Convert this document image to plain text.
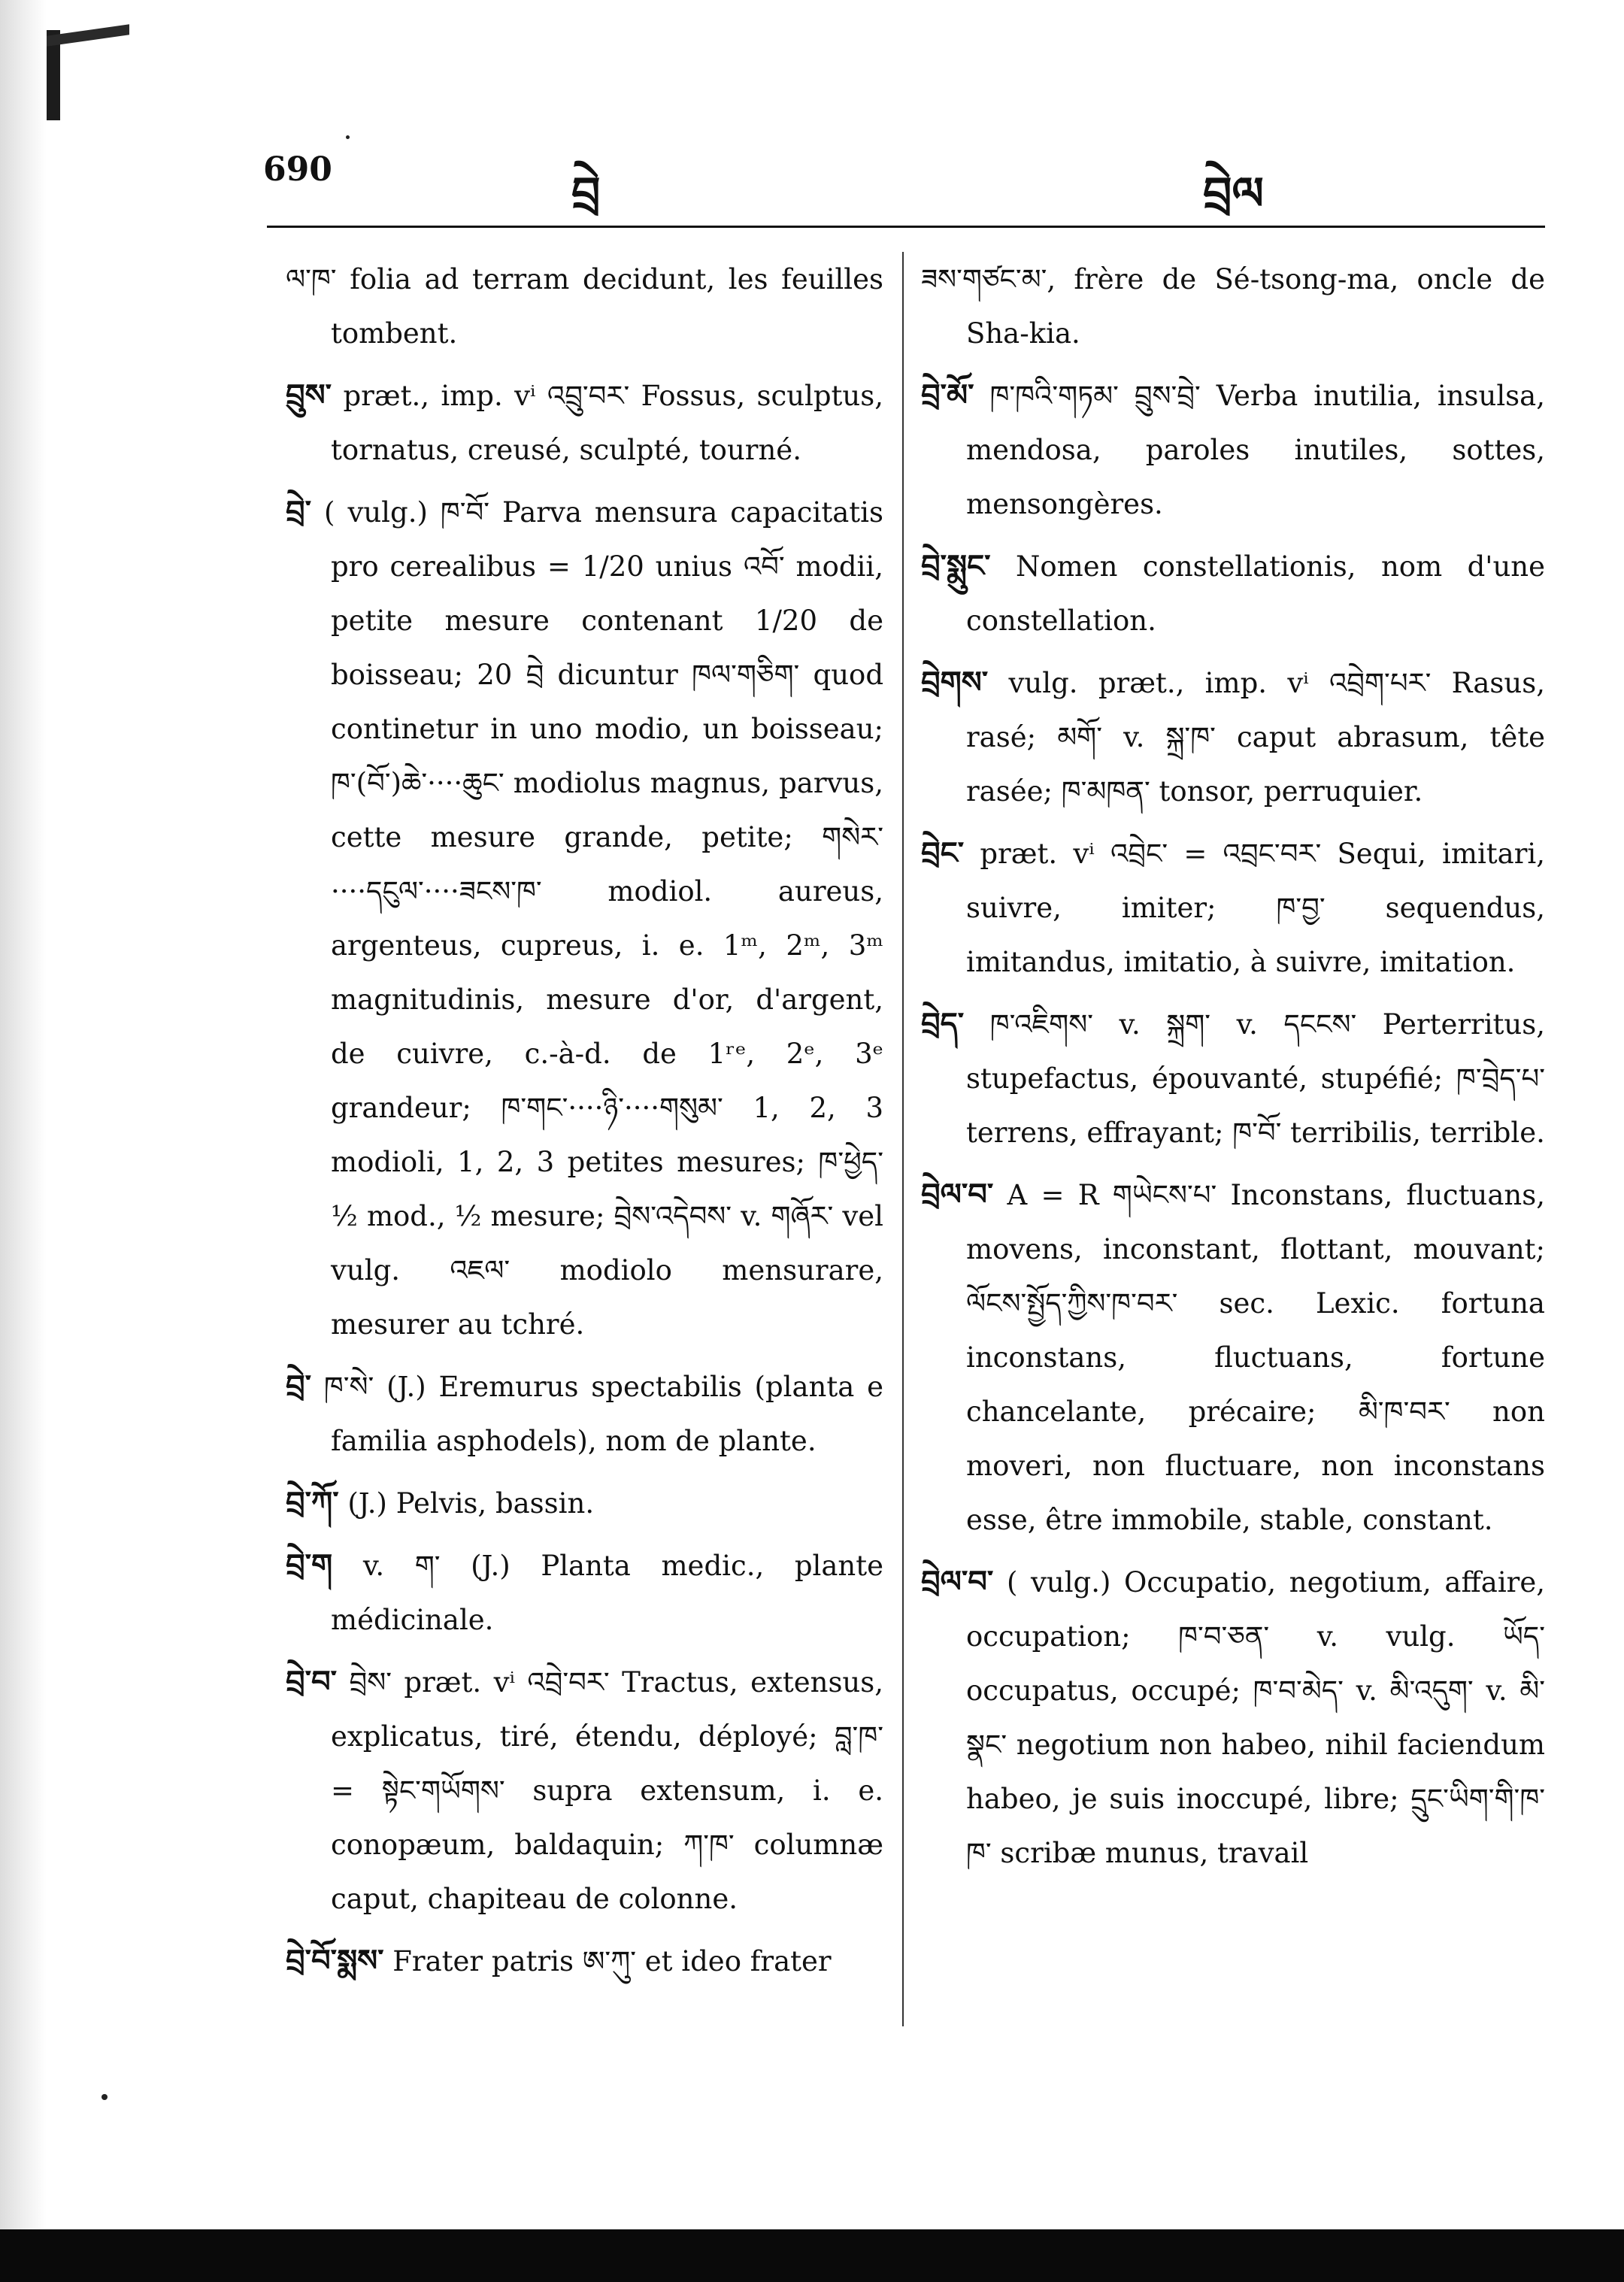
690	བྲེ	བྲེལ

ལ་ཁ་ folia ad terram decidunt, les feuilles tombent.

བྲུས་ præt., imp. vⁱ འབྲུ་བར་ Fossus, sculptus, tornatus, creusé, sculpté, tourné.

བྲེ་ ( vulg.) ཁ་བོ་ Parva mensura capacitatis pro cerealibus = 1/20 unius འབོ་ modii, petite mesure contenant 1/20 de boisseau; 20 བྲེ dicuntur ཁལ་གཅིག་ quod continetur in uno modio, un boisseau; ཁ་(བོ་)ཆེ་····ཆུང་ modiolus magnus, parvus, cette mesure grande, petite; གསེར་····དངུལ་····ཟངས་ཁ་ modiol. aureus, argenteus, cupreus, i. e. 1ᵐ, 2ᵐ, 3ᵐ magnitudinis, mesure d'or, d'argent, de cuivre, c.-à-d. de 1ʳᵉ, 2ᵉ, 3ᵉ grandeur; ཁ་གང་····ཉི་····གསུམ་ 1, 2, 3 modioli, 1, 2, 3 petites mesures; ཁ་ཕྱེད་ ½ mod., ½ mesure; བྲེས་འདེབས་ v. གཞོར་ vel vulg. འཇལ་ modiolo mensurare, mesurer au tchré.

བྲེ་ ཁ་སེ་ (J.) Eremurus spectabilis (planta e familia asphodels), nom de plante.

བྲེ་ཀོ་ (J.) Pelvis, bassin.

བྲེ་ག v. ག་ (J.) Planta medic., plante médicinale.

བྲེ་བ་ བྲེས་ præt. vⁱ འབྲེ་བར་ Tractus, extensus, explicatus, tiré, étendu, déployé; བླ་ཁ་ = སྟེང་གཡོགས་ supra extensum, i. e. conopæum, baldaquin; ཀ་ཁ་ columnæ caput, chapiteau de colonne.

བྲེ་བོ་སྨས་ Frater patris ཨ་ཀུ་ et ideo frater

ཟས་གཙང་མ་, frère de Sé-tsong-ma, oncle de Sha-kia.

བྲེ་མོ་ ཁ་ཁའི་གཏམ་ བྲུས་བྲེ་ Verba inutilia, insulsa, mendosa, paroles inutiles, sottes, mensongères.

བྲེ་སྨུང་ Nomen constellationis, nom d'une constellation.

བྲེགས་ vulg. præt., imp. vⁱ འབྲེག་པར་ Rasus, rasé; མགོ་ v. སྐྲ་ཁ་ caput abrasum, tête rasée; ཁ་མཁན་ tonsor, perruquier.

བྲེང་ præt. vⁱ འབྲེང་ = འབྲང་བར་ Sequi, imitari, suivre, imiter; ཁ་བྱ་ sequendus, imitandus, imitatio, à suivre, imitation.

བྲེད་ ཁ་འཇིགས་ v. སྐྲག་ v. དངངས་ Perterritus, stupefactus, épouvanté, stupéfié; ཁ་བྲེད་པ་ terrens, effrayant; ཁ་བོ་ terribilis, terrible.

བྲེལ་བ་ A = R གཡེངས་པ་ Inconstans, fluctuans, movens, inconstant, flottant, mouvant; ལོངས་སྤྱོད་ཀྱིས་ཁ་བར་ sec. Lexic. fortuna inconstans, fluctuans, fortune chancelante, précaire; མི་ཁ་བར་ non moveri, non fluctuare, non inconstans esse, être immobile, stable, constant.

བྲེལ་བ་ ( vulg.) Occupatio, negotium, affaire, occupation; ཁ་བ་ཅན་ v. vulg. ཡོད་ occupatus, occupé; ཁ་བ་མེད་ v. མི་འདུག་ v. མི་སྣང་ negotium non habeo, nihil faciendum habeo, je suis inoccupé, libre; དྲུང་ཡིག་གི་ཁ་ཁ་ scribæ munus, travail
